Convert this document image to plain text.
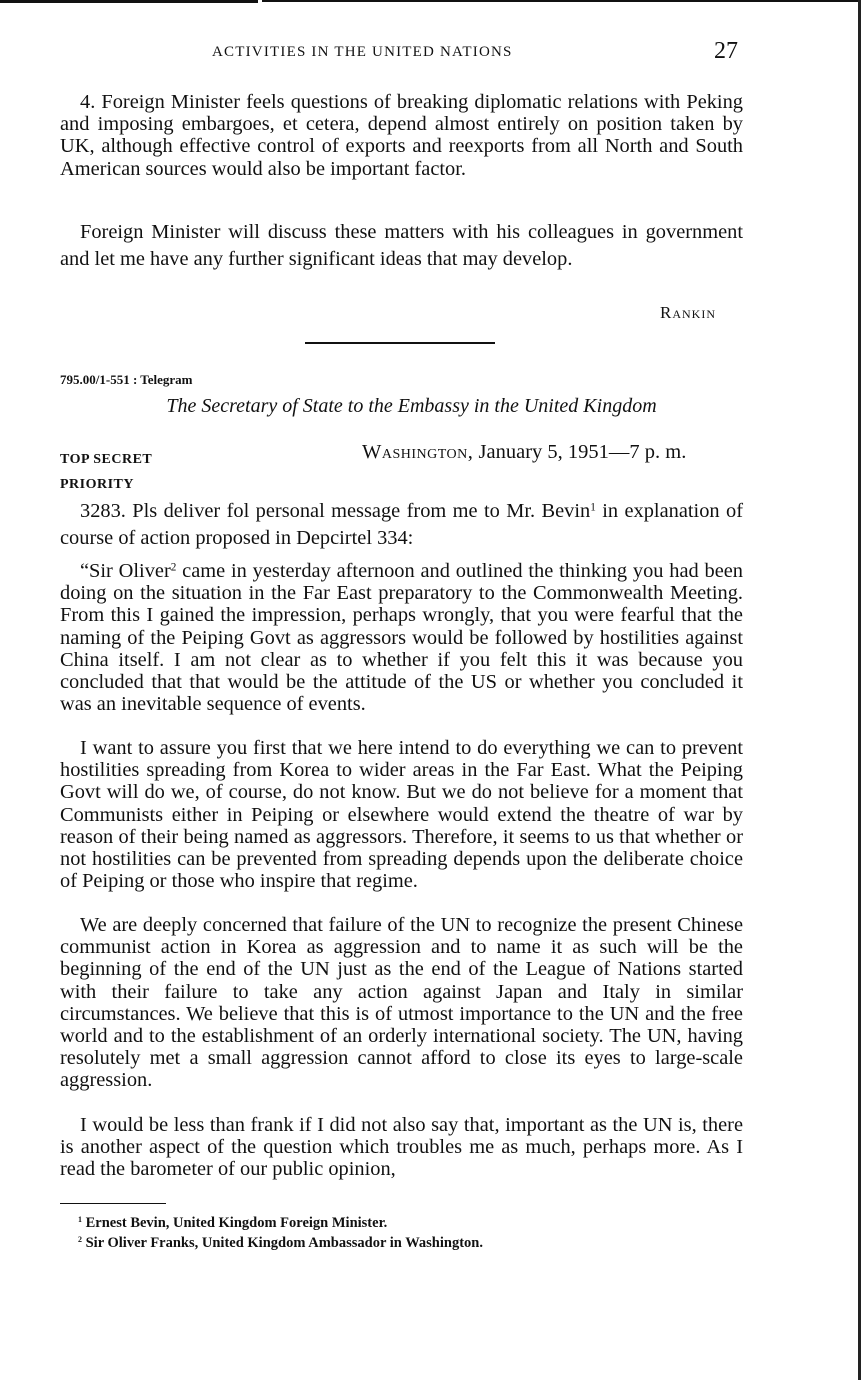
ACTIVITIES IN THE UNITED NATIONS	27

4. Foreign Minister feels questions of breaking diplomatic relations with Peking and imposing embargoes, et cetera, depend almost entirely on position taken by UK, although effective control of exports and reexports from all North and South American sources would also be important factor.

Foreign Minister will discuss these matters with his colleagues in government and let me have any further significant ideas that may develop.

Rankin
795.00/1-551 : Telegram
The Secretary of State to the Embassy in the United Kingdom
TOP SECRET
PRIORITY
Washington, January 5, 1951—7 p. m.

3283. Pls deliver fol personal message from me to Mr. Bevin$^1$ in explanation of course of action proposed in Depcirtel 334:

“Sir Oliver$^2$ came in yesterday afternoon and outlined the thinking you had been doing on the situation in the Far East preparatory to the Commonwealth Meeting. From this I gained the impression, perhaps wrongly, that you were fearful that the naming of the Peiping Govt as aggressors would be followed by hostilities against China itself. I am not clear as to whether if you felt this it was because you concluded that that would be the attitude of the US or whether you concluded it was an inevitable sequence of events.

I want to assure you first that we here intend to do everything we can to prevent hostilities spreading from Korea to wider areas in the Far East. What the Peiping Govt will do we, of course, do not know. But we do not believe for a moment that Communists either in Peiping or elsewhere would extend the theatre of war by reason of their being named as aggressors. Therefore, it seems to us that whether or not hostilities can be prevented from spreading depends upon the deliberate choice of Peiping or those who inspire that regime.

We are deeply concerned that failure of the UN to recognize the present Chinese communist action in Korea as aggression and to name it as such will be the beginning of the end of the UN just as the end of the League of Nations started with their failure to take any action against Japan and Italy in similar circumstances. We believe that this is of utmost importance to the UN and the free world and to the establishment of an orderly international society. The UN, having resolutely met a small aggression cannot afford to close its eyes to large-scale aggression.

I would be less than frank if I did not also say that, important as the UN is, there is another aspect of the question which troubles me as much, perhaps more. As I read the barometer of our public opinion,

$^1$ Ernest Bevin, United Kingdom Foreign Minister.
$^2$ Sir Oliver Franks, United Kingdom Ambassador in Washington.
